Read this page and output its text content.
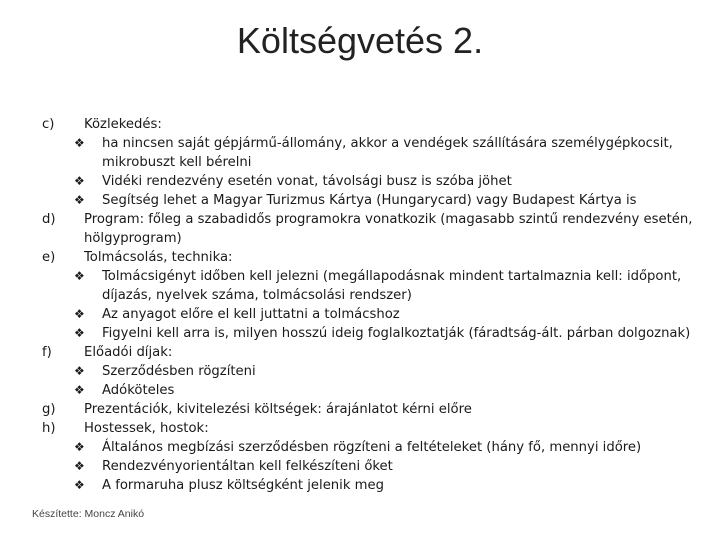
Költségvetés 2.
c)	Közlekedés:
❖	ha nincsen saját gépjármű-állomány, akkor a vendégek szállítására személygépkocsit, mikrobuszt kell bérelni
❖	Vidéki rendezvény esetén vonat, távolsági busz is szóba jöhet
❖	Segítség lehet a Magyar Turizmus Kártya (Hungarycard) vagy Budapest Kártya is
d)	Program: főleg a szabadidős programokra vonatkozik (magasabb szintű rendezvény esetén, hölgyprogram)
e)	Tolmácsolás, technika:
❖	Tolmácsigényt időben kell jelezni (megállapodásnak mindent tartalmaznia kell: időpont, díjazás, nyelvek száma, tolmácsolási rendszer)
❖	Az anyagot előre el kell juttatni a tolmácshoz
❖	Figyelni kell arra is, milyen hosszú ideig foglalkoztatják (fáradtság-ált. párban dolgoznak)
f)	Előadói díjak:
❖	Szerződésben rögzíteni
❖	Adóköteles
g)	Prezentációk, kivitelezési költségek: árajánlatot kérni előre
h)	Hostessek, hostok:
❖	Általános megbízási szerződésben rögzíteni a feltételeket (hány fő, mennyi időre)
❖	Rendezvényorientáltan kell felkészíteni őket
❖	A formaruha plusz költségként jelenik meg
Készítette: Moncz Anikó
